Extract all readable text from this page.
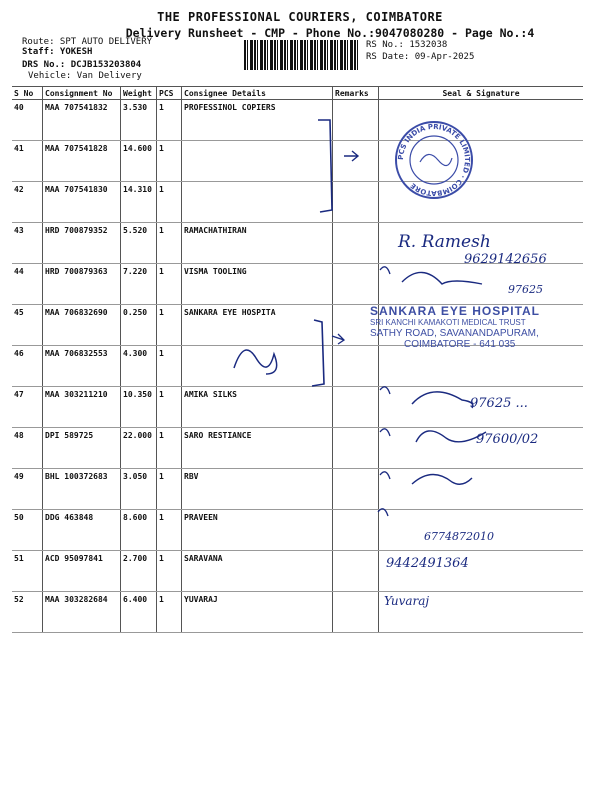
THE PROFESSIONAL COURIERS, COIMBATORE
Delivery Runsheet - CMP - Phone No.:9047080280 - Page No.:4
Route: SPT AUTO DELIVERY
Staff: YOKESH
DRS No.: DCJB153203804
Vehicle: Van Delivery
RS No.: 1532038
RS Date: 09-Apr-2025
S No	Consignment No	Weight	PCS	Consignee Details	Remarks	Seal & Signature
40	MAA 707541832	3.530	1	PROFESSINOL COPIERS		
41	MAA 707541828	14.600	1			
42	MAA 707541830	14.310	1			
43	HRD 700879352	5.520	1	RAMACHATHIRAN		
44	HRD 700879363	7.220	1	VISMA TOOLING		
45	MAA 706832690	0.250	1	SANKARA EYE HOSPITA		
46	MAA 706832553	4.300	1			
47	MAA 303211210	10.350	1	AMIKA SILKS		
48	DPI 589725	22.000	1	SARO RESTIANCE		
49	BHL 100372683	3.050	1	RBV		
50	DDG 463848	8.600	1	PRAVEEN		
51	ACD 95097841	2.700	1	SARAVANA		
52	MAA 303282684	6.400	1	YUVARAJ		
PCS INDIA PRIVATE LIMITED · COIMBATORE
SANKARA EYE HOSPITAL
SRI KANCHI KAMAKOTI MEDICAL TRUST
SATHY ROAD, SAVANANDAPURAM,
COIMBATORE - 641 035
R. Ramesh
9629142656
97625
97625 ...
97600/02
6774872010
9442491364
Yuvaraj
